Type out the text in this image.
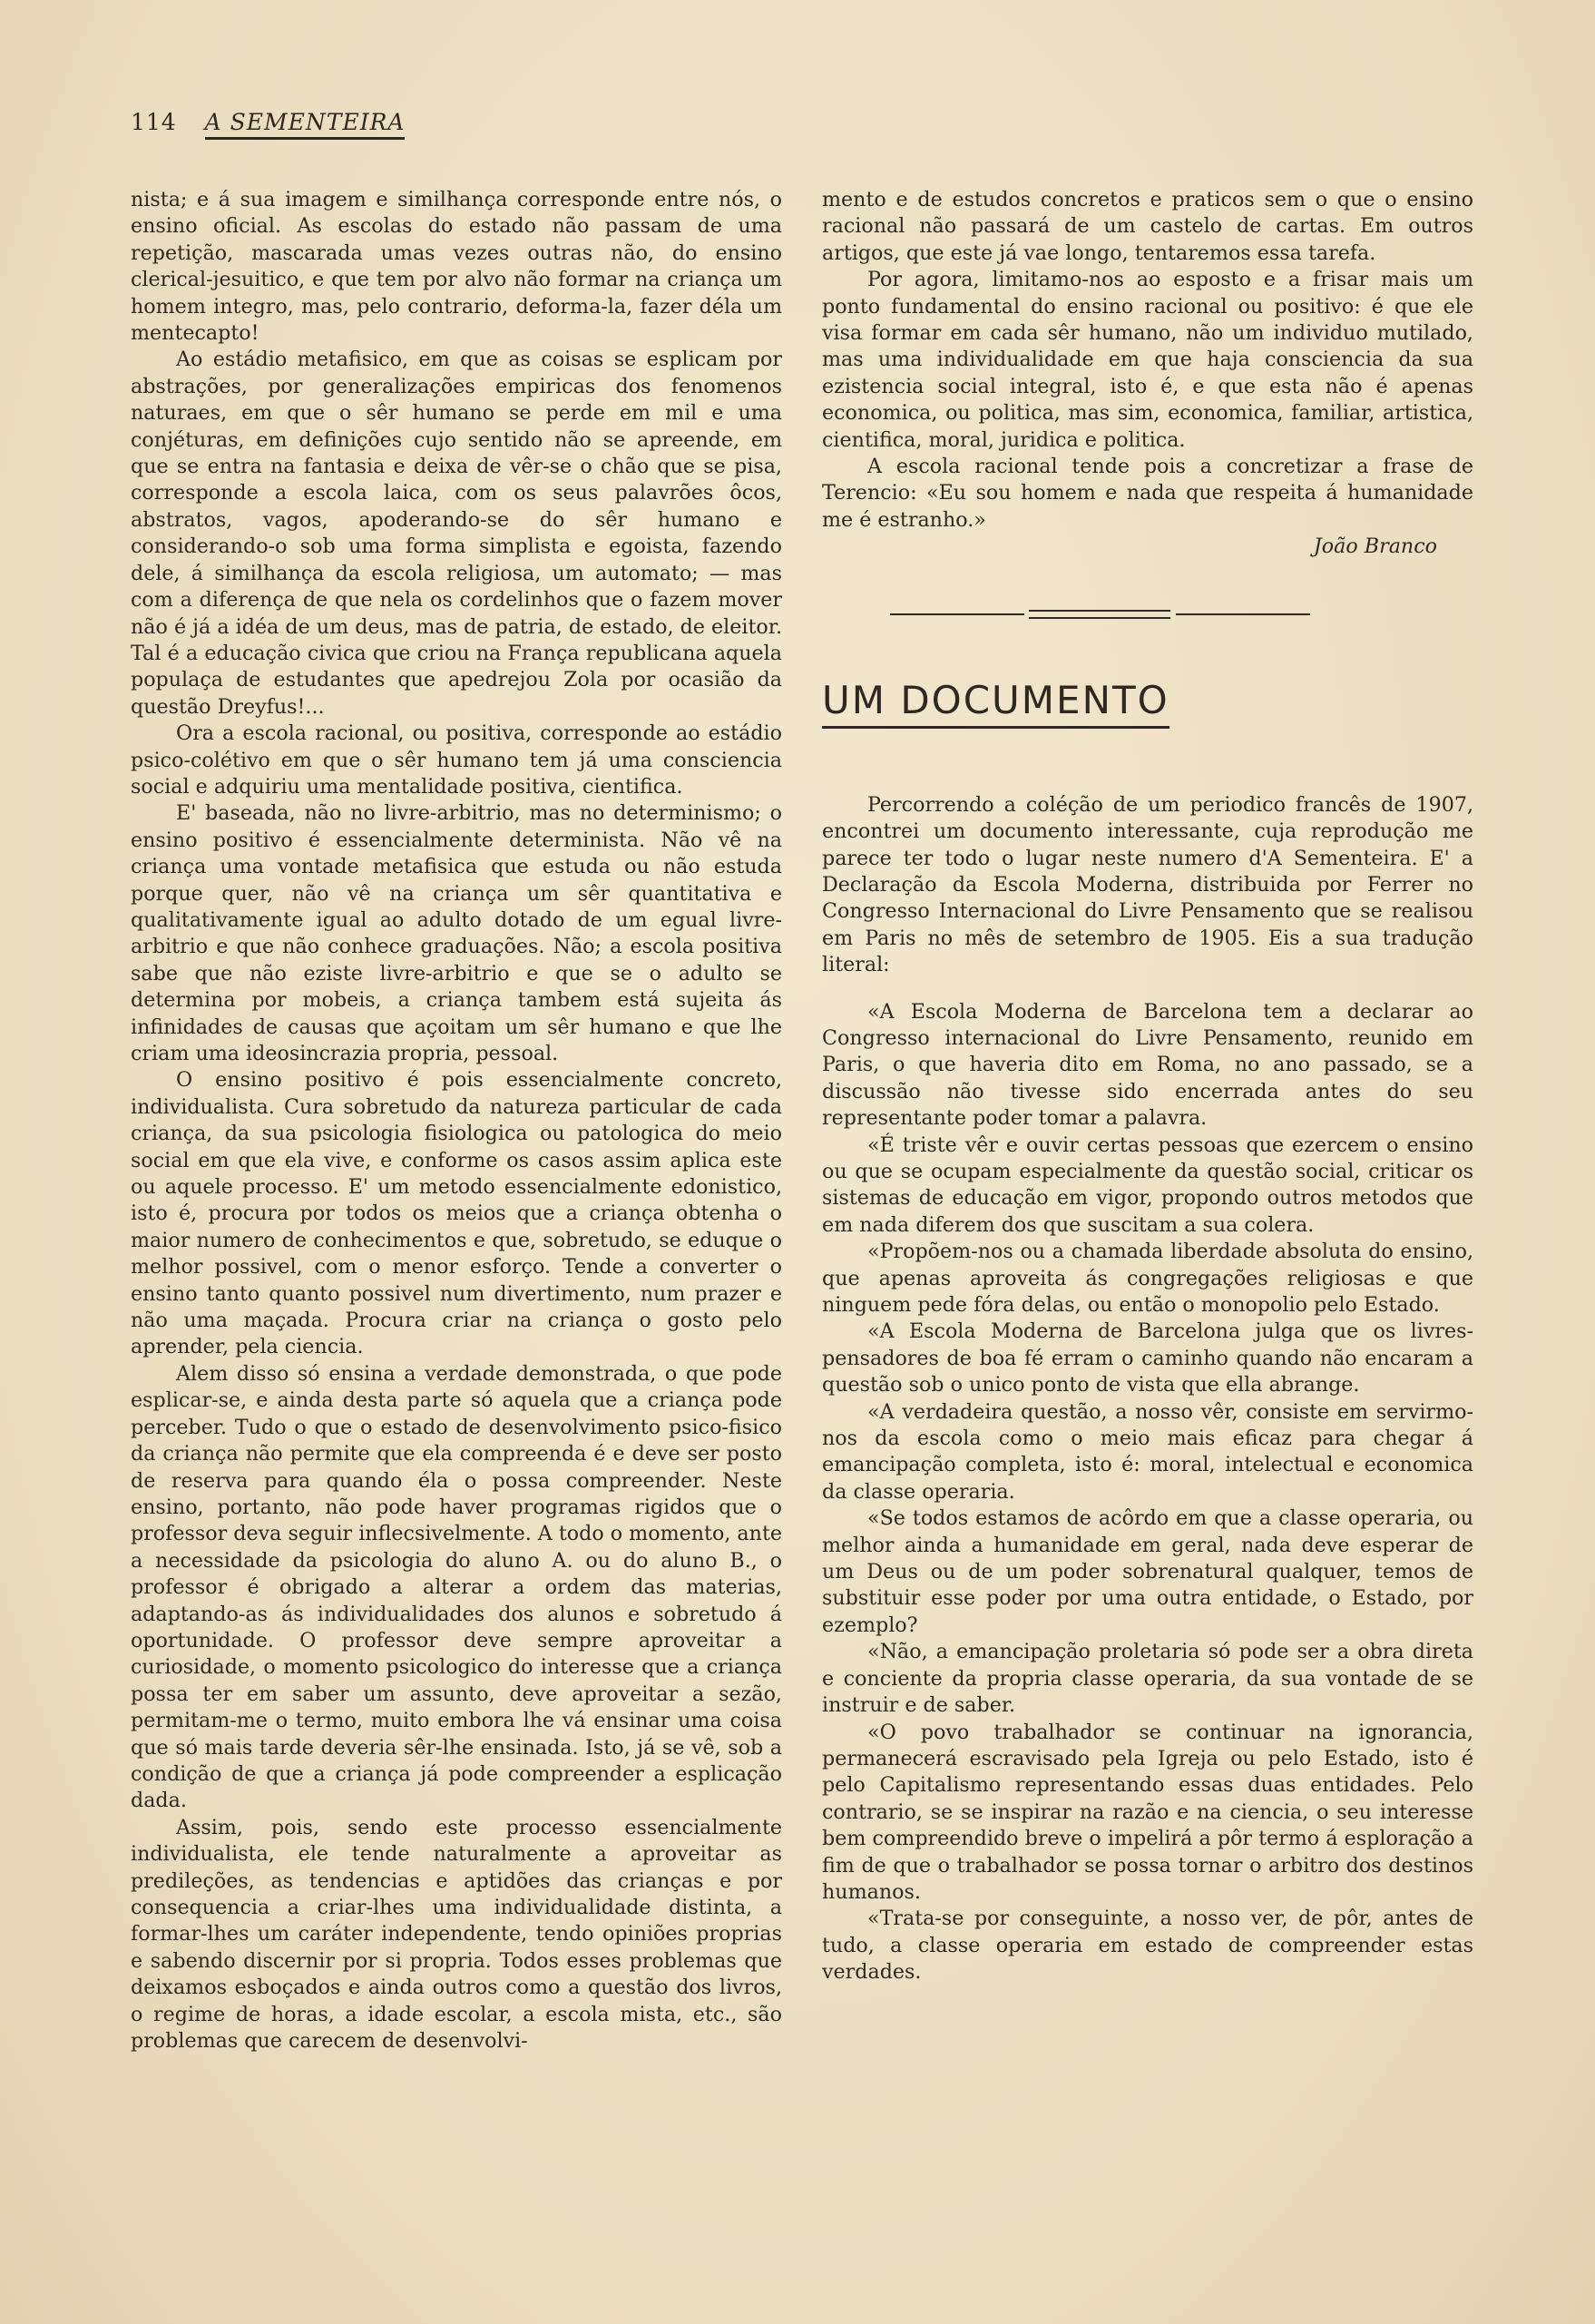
114 A SEMENTEIRA

nista; e á sua imagem e similhança corresponde entre nós, o ensino oficial. As escolas do estado não passam de uma repetição, mascarada umas vezes outras não, do ensino clerical-jesuitico, e que tem por alvo não formar na criança um homem integro, mas, pelo contrario, deforma-la, fazer déla um mentecapto!

Ao estádio metafisico, em que as coisas se esplicam por abstrações, por generalizações empiricas dos fenomenos naturaes, em que o sêr humano se perde em mil e uma conjéturas, em definições cujo sentido não se apreende, em que se entra na fantasia e deixa de vêr-se o chão que se pisa, corresponde a escola laica, com os seus palavrões ôcos, abstratos, vagos, apoderando-se do sêr humano e considerando-o sob uma forma simplista e egoista, fazendo dele, á similhança da escola religiosa, um automato; — mas com a diferença de que nela os cordelinhos que o fazem mover não é já a idéa de um deus, mas de patria, de estado, de eleitor. Tal é a educação civica que criou na França republicana aquela populaça de estudantes que apedrejou Zola por ocasião da questão Dreyfus!...

Ora a escola racional, ou positiva, corresponde ao estádio psico-colétivo em que o sêr humano tem já uma consciencia social e adquiriu uma mentalidade positiva, cientifica.

E' baseada, não no livre-arbitrio, mas no determinismo; o ensino positivo é essencialmente determinista. Não vê na criança uma vontade metafisica que estuda ou não estuda porque quer, não vê na criança um sêr quantitativa e qualitativamente igual ao adulto dotado de um egual livre-arbitrio e que não conhece graduações. Não; a escola positiva sabe que não eziste livre-arbitrio e que se o adulto se determina por mobeis, a criança tambem está sujeita ás infinidades de causas que açoitam um sêr humano e que lhe criam uma ideosincrazia propria, pessoal.

O ensino positivo é pois essencialmente concreto, individualista. Cura sobretudo da natureza particular de cada criança, da sua psicologia fisiologica ou patologica do meio social em que ela vive, e conforme os casos assim aplica este ou aquele processo. E' um metodo essencialmente edonistico, isto é, procura por todos os meios que a criança obtenha o maior numero de conhecimentos e que, sobretudo, se eduque o melhor possivel, com o menor esforço. Tende a converter o ensino tanto quanto possivel num divertimento, num prazer e não uma maçada. Procura criar na criança o gosto pelo aprender, pela ciencia.

Alem disso só ensina a verdade demonstrada, o que pode esplicar-se, e ainda desta parte só aquela que a criança pode perceber. Tudo o que o estado de desenvolvimento psico-fisico da criança não permite que ela compreenda é e deve ser posto de reserva para quando éla o possa compreender. Neste ensino, portanto, não pode haver programas rigidos que o professor deva seguir inflecsivelmente. A todo o momento, ante a necessidade da psicologia do aluno A. ou do aluno B., o professor é obrigado a alterar a ordem das materias, adaptando-as ás individualidades dos alunos e sobretudo á oportunidade. O professor deve sempre aproveitar a curiosidade, o momento psicologico do interesse que a criança possa ter em saber um assunto, deve aproveitar a sezão, permitam-me o termo, muito embora lhe vá ensinar uma coisa que só mais tarde deveria sêr-lhe ensinada. Isto, já se vê, sob a condição de que a criança já pode compreender a esplicação dada.

Assim, pois, sendo este processo essencialmente individualista, ele tende naturalmente a aproveitar as predileções, as tendencias e aptidões das crianças e por consequencia a criar-lhes uma individualidade distinta, a formar-lhes um caráter independente, tendo opiniões proprias e sabendo discernir por si propria. Todos esses problemas que deixamos esboçados e ainda outros como a questão dos livros, o regime de horas, a idade escolar, a escola mista, etc., são problemas que carecem de desenvolvi-

mento e de estudos concretos e praticos sem o que o ensino racional não passará de um castelo de cartas. Em outros artigos, que este já vae longo, tentaremos essa tarefa.

Por agora, limitamo-nos ao esposto e a frisar mais um ponto fundamental do ensino racional ou positivo: é que ele visa formar em cada sêr humano, não um individuo mutilado, mas uma individualidade em que haja consciencia da sua ezistencia social integral, isto é, e que esta não é apenas economica, ou politica, mas sim, economica, familiar, artistica, cientifica, moral, juridica e politica.

A escola racional tende pois a concretizar a frase de Terencio: «Eu sou homem e nada que respeita á humanidade me é estranho.»

João Branco

UM DOCUMENTO

Percorrendo a coléção de um periodico francês de 1907, encontrei um documento interessante, cuja reprodução me parece ter todo o lugar neste numero d'A Sementeira. E' a Declaração da Escola Moderna, distribuida por Ferrer no Congresso Internacional do Livre Pensamento que se realisou em Paris no mês de setembro de 1905. Eis a sua tradução literal:

«A Escola Moderna de Barcelona tem a declarar ao Congresso internacional do Livre Pensamento, reunido em Paris, o que haveria dito em Roma, no ano passado, se a discussão não tivesse sido encerrada antes do seu representante poder tomar a palavra.

«É triste vêr e ouvir certas pessoas que ezercem o ensino ou que se ocupam especialmente da questão social, criticar os sistemas de educação em vigor, propondo outros metodos que em nada diferem dos que suscitam a sua colera.

«Propõem-nos ou a chamada liberdade absoluta do ensino, que apenas aproveita ás congregações religiosas e que ninguem pede fóra delas, ou então o monopolio pelo Estado.

«A Escola Moderna de Barcelona julga que os livres-pensadores de boa fé erram o caminho quando não encaram a questão sob o unico ponto de vista que ella abrange.

«A verdadeira questão, a nosso vêr, consiste em servirmo-nos da escola como o meio mais eficaz para chegar á emancipação completa, isto é: moral, intelectual e economica da classe operaria.

«Se todos estamos de acôrdo em que a classe operaria, ou melhor ainda a humanidade em geral, nada deve esperar de um Deus ou de um poder sobrenatural qualquer, temos de substituir esse poder por uma outra entidade, o Estado, por ezemplo?

«Não, a emancipação proletaria só pode ser a obra direta e conciente da propria classe operaria, da sua vontade de se instruir e de saber.

«O povo trabalhador se continuar na ignorancia, permanecerá escravisado pela Igreja ou pelo Estado, isto é pelo Capitalismo representando essas duas entidades. Pelo contrario, se se inspirar na razão e na ciencia, o seu interesse bem compreendido breve o impelirá a pôr termo á esploração a fim de que o trabalhador se possa tornar o arbitro dos destinos humanos.

«Trata-se por conseguinte, a nosso ver, de pôr, antes de tudo, a classe operaria em estado de compreender estas verdades.
